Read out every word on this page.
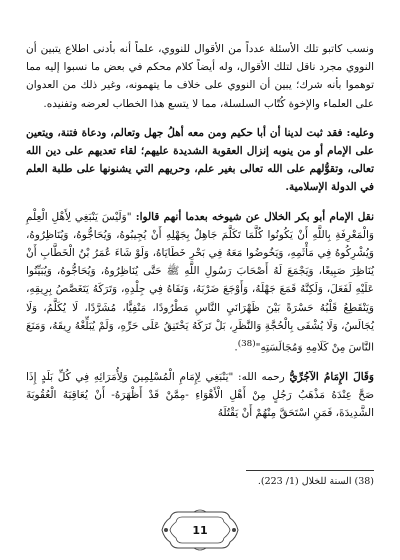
ونسب كاتبو تلك الأسئلة عدداً من الأقوال للنووي، علماً أنه بأدنى اطلاع يتبين أن النووي مجرد ناقل لتلك الأقوال، وله أيضاً كلام محكم في بعض ما نسبوا إليه مما توهموا بأنه شرك؛ يبين أن النووي على خلاف ما يتهمونه، وغير ذلك من العدوان على العلماء والإخوة كُتّاب السلسلة، مما لا يتسع هذا الخطاب لعرضه وتفنيده.

وعليه: فقد ثبت لدينا أن أبا حكيم ومن معه أهلُ جهل وتعالم، ودعاة فتنة، ويتعين على الإمام أو من ينوبه إنزال العقوبة الشديدة عليهم؛ لقاء تعديهم على دين الله تعالى، وتقوُّلهم على الله تعالى بغير علم، وحريهم التي يشنونها على طلبة العلم في الدولة الإسلامية.

نقل الإمام أبو بكر الخلال عن شيوخه بعدما أنهم قالوا: "وَلَيْسَ يَنْبَغِي لِأَهْلِ الْعِلْمِ وَالْمَعْرِفَةِ بِاللَّهِ أَنْ يَكُونُوا كُلَّمَا تَكَلَّمَ جَاهِلٌ بِجَهْلِهِ أَنْ يُجِيبُوهُ، وَيُحَاجُّوهُ، وَيُنَاظِرُوهُ، وَيُشْرِكُوهُ فِي مَأْثَمِهِ، وَيَخُوضُوا مَعَهُ فِي بَحْرِ خَطَايَاهُ، وَلَوْ شَاءَ عُمَرُ بْنُ الْخَطَّابِ أَنْ يُنَاظِرَ صَبِيغًا، وَيَجْمَعَ لَهُ أَصْحَابَ رَسُولِ اللَّهِ ﷺ حَتَّى يُنَاظِرُوهُ، وَيُحَاجُّوهُ، وَيُبَيِّنُوا عَلَيْهِ لَفَعَلَ، وَلَكِنَّهُ قَمَعَ جَهْلَهُ، وَأَوْجَعَ ضَرْبَهُ، وَنَفَاهُ فِي جِلْدِهِ، وَتَرَكَهُ يَتَغَصَّصُ بِرِيقِهِ، وَيَنْقَطِعُ قَلْبُهُ حَسْرَةً بَيْنَ ظَهْرَانَيِ النَّاسِ مَطْرُودًا، مَنْفِيًّا، مُشَرَّدًا، لَا يُكَلَّمُ، وَلَا يُجَالَسُ، وَلَا يُشْفَى بِالْحُجَّةِ وَالنَّظَرِ، بَلْ تَرَكَهُ يَخْتَنِقُ عَلَى حَرِّهِ، وَلَمْ يُبَلِّغْهُ رِيقَهُ، وَمَنَعَ النَّاسَ مِنْ كَلَامِهِ وَمُجَالَسَتِهِ"$^{(38)}$.

وَقَالَ الإِمَامُ الآجُرِّيُّ رحمه الله: "يَنْبَغِي لِإِمَامِ الْمُسْلِمِينَ وَلِأُمَرَائِهِ فِي كُلِّ بَلَدٍ إِذَا صَحَّ عِنْدَهُ مَذْهَبُ رَجُلٍ مِنْ أَهْلِ الْأَهْوَاءِ -مِمَّنْ قَدْ أَظْهَرَهُ- أَنْ يُعَاقِبَهُ الْعُقُوبَةَ الشَّدِيدَةَ، فَمَنِ اسْتَحَقَّ مِنْهُمْ أَنْ يَقْتُلَهُ

(38) السنة للخلال (1/ 223).
11
